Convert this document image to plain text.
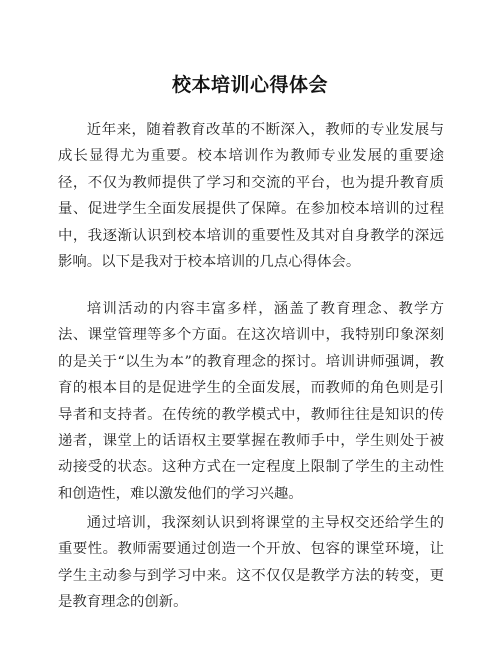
校本培训心得体会

近年来，随着教育改革的不断深入，教师的专业发展与成长显得尤为重要。校本培训作为教师专业发展的重要途径，不仅为教师提供了学习和交流的平台，也为提升教育质量、促进学生全面发展提供了保障。在参加校本培训的过程中，我逐渐认识到校本培训的重要性及其对自身教学的深远影响。以下是我对于校本培训的几点心得体会。

培训活动的内容丰富多样，涵盖了教育理念、教学方法、课堂管理等多个方面。在这次培训中，我特别印象深刻的是关于“以生为本”的教育理念的探讨。培训讲师强调，教育的根本目的是促进学生的全面发展，而教师的角色则是引导者和支持者。在传统的教学模式中，教师往往是知识的传递者，课堂上的话语权主要掌握在教师手中，学生则处于被动接受的状态。这种方式在一定程度上限制了学生的主动性和创造性，难以激发他们的学习兴趣。

通过培训，我深刻认识到将课堂的主导权交还给学生的重要性。教师需要通过创造一个开放、包容的课堂环境，让学生主动参与到学习中来。这不仅仅是教学方法的转变，更是教育理念的创新。
